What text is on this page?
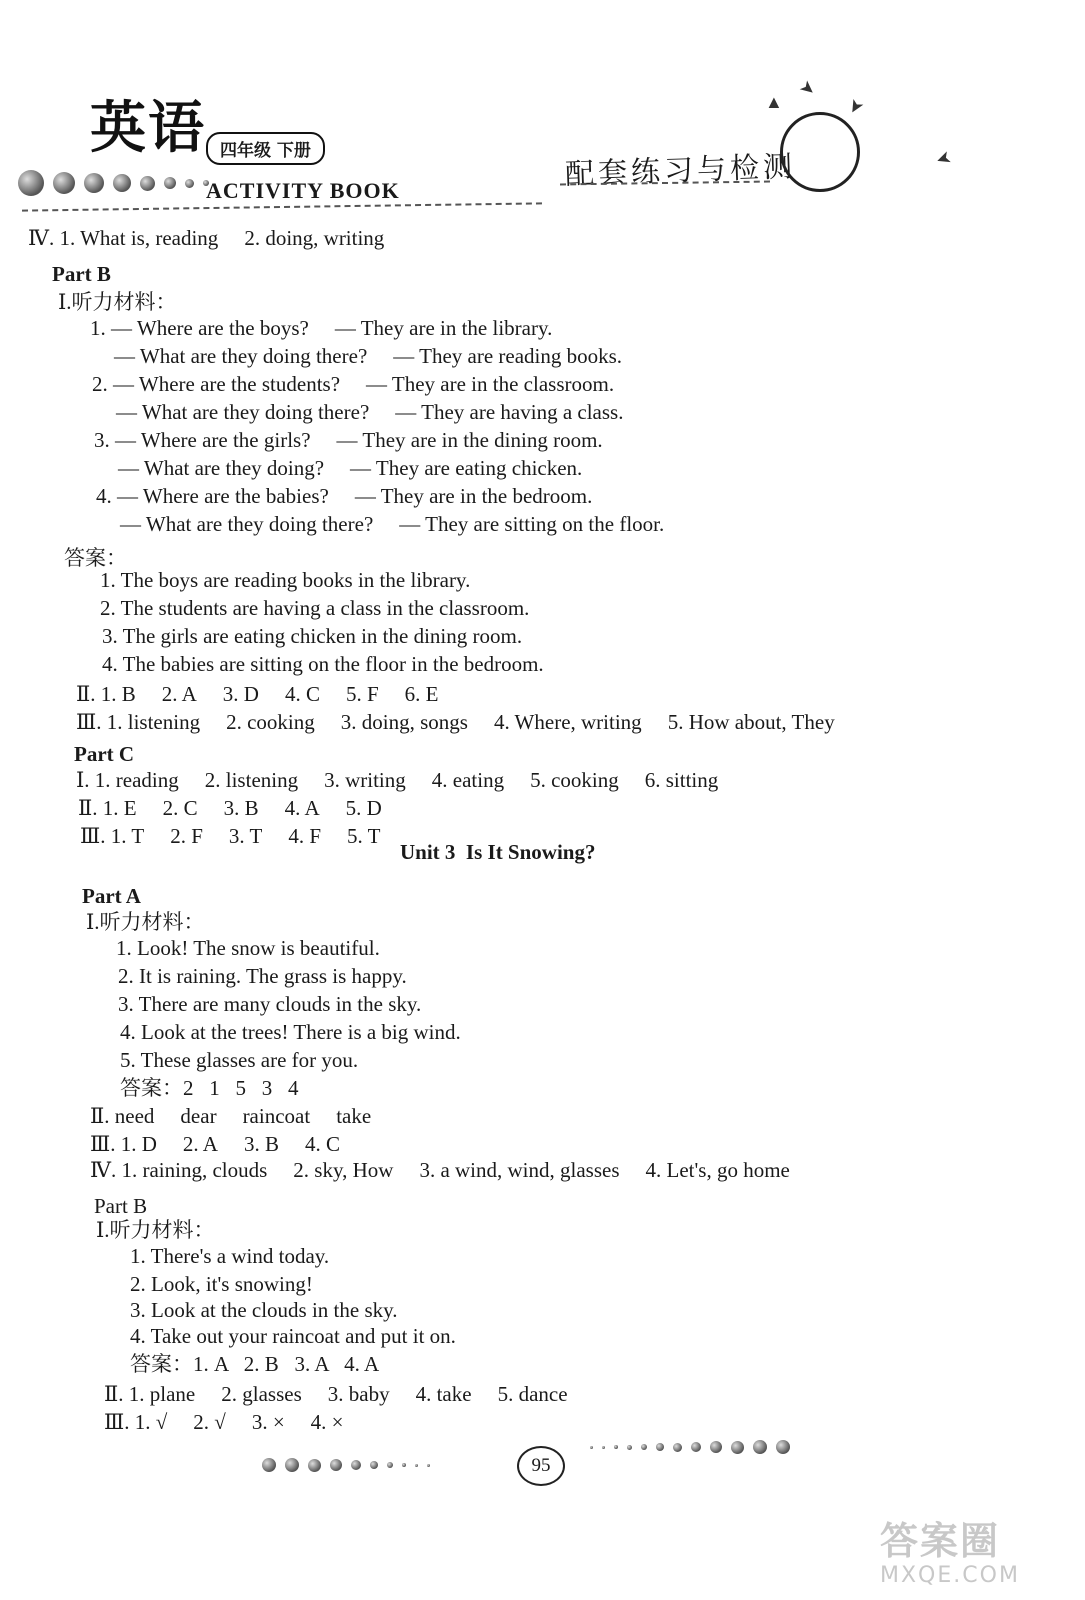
英语 四年级 下册
ACTIVITY BOOK	配套练习与检测
▲
➤
➤
➤
Ⅳ. 1. What is, reading 2. doing, writing
Part B
Ⅰ.听力材料：
1. — Where are the boys? — They are in the library.
— What are they doing there? — They are reading books.
2. — Where are the students? — They are in the classroom.
— What are they doing there? — They are having a class.
3. — Where are the girls? — They are in the dining room.
— What are they doing? — They are eating chicken.
4. — Where are the babies? — They are in the bedroom.
— What are they doing there? — They are sitting on the floor.
答案：
1. The boys are reading books in the library.
2. The students are having a class in the classroom.
3. The girls are eating chicken in the dining room.
4. The babies are sitting on the floor in the bedroom.
Ⅱ. 1. B 2. A 3. D 4. C 5. F 6. E
Ⅲ. 1. listening 2. cooking 3. doing, songs 4. Where, writing 5. How about, They
Part C
Ⅰ. 1. reading 2. listening 3. writing 4. eating 5. cooking 6. sitting
Ⅱ. 1. E 2. C 3. B 4. A 5. D
Ⅲ. 1. T 2. F 3. T 4. F 5. T
Unit 3  Is It Snowing?
Part A
Ⅰ.听力材料：
1. Look! The snow is beautiful.
2. It is raining. The grass is happy.
3. There are many clouds in the sky.
4. Look at the trees! There is a big wind.
5. These glasses are for you.
答案：2   1   5   3   4
Ⅱ. need dear raincoat take
Ⅲ. 1. D 2. A 3. B 4. C
Ⅳ. 1. raining, clouds 2. sky, How 3. a wind, wind, glasses 4. Let's, go home
Part B
Ⅰ.听力材料：
1. There's a wind today.
2. Look, it's snowing!
3. Look at the clouds in the sky.
4. Take out your raincoat and put it on.
答案：1. A   2. B   3. A   4. A
Ⅱ. 1. plane 2. glasses 3. baby 4. take 5. dance
Ⅲ. 1. √ 2. √ 3. × 4. ×
95
答案圈
MXQE.COM
